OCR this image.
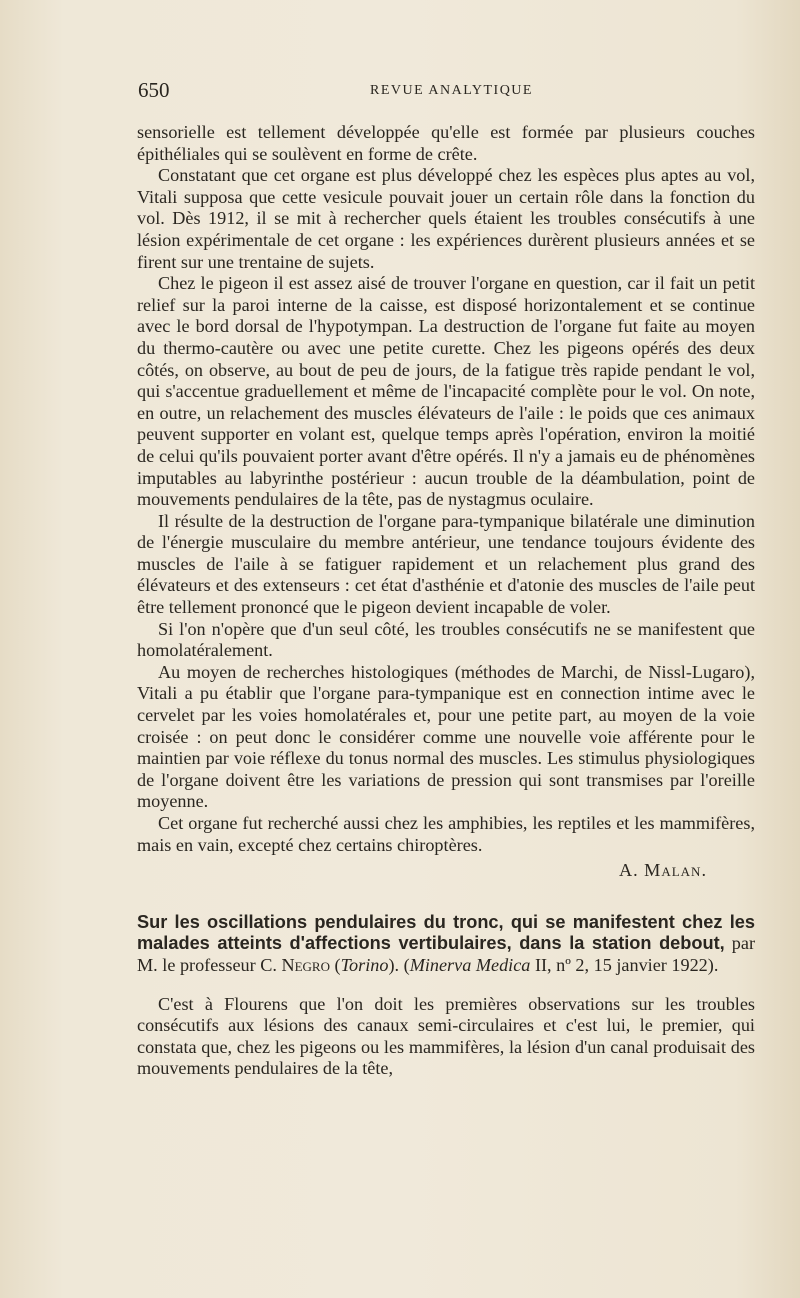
650	REVUE ANALYTIQUE

sensorielle est tellement développée qu'elle est formée par plusieurs couches épithéliales qui se soulèvent en forme de crête.

Constatant que cet organe est plus développé chez les espèces plus aptes au vol, Vitali supposa que cette vesicule pouvait jouer un certain rôle dans la fonction du vol. Dès 1912, il se mit à rechercher quels étaient les troubles consécutifs à une lésion expérimentale de cet organe : les expériences durèrent plusieurs années et se firent sur une trentaine de sujets.

Chez le pigeon il est assez aisé de trouver l'organe en question, car il fait un petit relief sur la paroi interne de la caisse, est disposé horizontalement et se continue avec le bord dorsal de l'hypotympan. La destruction de l'organe fut faite au moyen du thermo-cautère ou avec une petite curette. Chez les pigeons opérés des deux côtés, on observe, au bout de peu de jours, de la fatigue très rapide pendant le vol, qui s'accentue graduellement et même de l'incapacité complète pour le vol. On note, en outre, un relachement des muscles élévateurs de l'aile : le poids que ces animaux peuvent supporter en volant est, quelque temps après l'opération, environ la moitié de celui qu'ils pouvaient porter avant d'être opérés. Il n'y a jamais eu de phénomènes imputables au labyrinthe postérieur : aucun trouble de la déambulation, point de mouvements pendulaires de la tête, pas de nystagmus oculaire.

Il résulte de la destruction de l'organe para-tympanique bilatérale une diminution de l'énergie musculaire du membre antérieur, une tendance toujours évidente des muscles de l'aile à se fatiguer rapidement et un relachement plus grand des élévateurs et des extenseurs : cet état d'asthénie et d'atonie des muscles de l'aile peut être tellement prononcé que le pigeon devient incapable de voler.

Si l'on n'opère que d'un seul côté, les troubles consécutifs ne se manifestent que homolatéralement.

Au moyen de recherches histologiques (méthodes de Marchi, de Nissl-Lugaro), Vitali a pu établir que l'organe para-tympanique est en connection intime avec le cervelet par les voies homolatérales et, pour une petite part, au moyen de la voie croisée : on peut donc le considérer comme une nouvelle voie afférente pour le maintien par voie réflexe du tonus normal des muscles. Les stimulus physiologiques de l'organe doivent être les variations de pression qui sont transmises par l'oreille moyenne.

Cet organe fut recherché aussi chez les amphibies, les reptiles et les mammifères, mais en vain, excepté chez certains chiroptères.

A. Malan.

Sur les oscillations pendulaires du tronc, qui se manifestent chez les malades atteints d'affections vertibulaires, dans la station debout, par M. le professeur C. Negro (Torino). (Minerva Medica II, nº 2, 15 janvier 1922).

C'est à Flourens que l'on doit les premières observations sur les troubles consécutifs aux lésions des canaux semi-circulaires et c'est lui, le premier, qui constata que, chez les pigeons ou les mammifères, la lésion d'un canal produisait des mouvements pendulaires de la tête,
